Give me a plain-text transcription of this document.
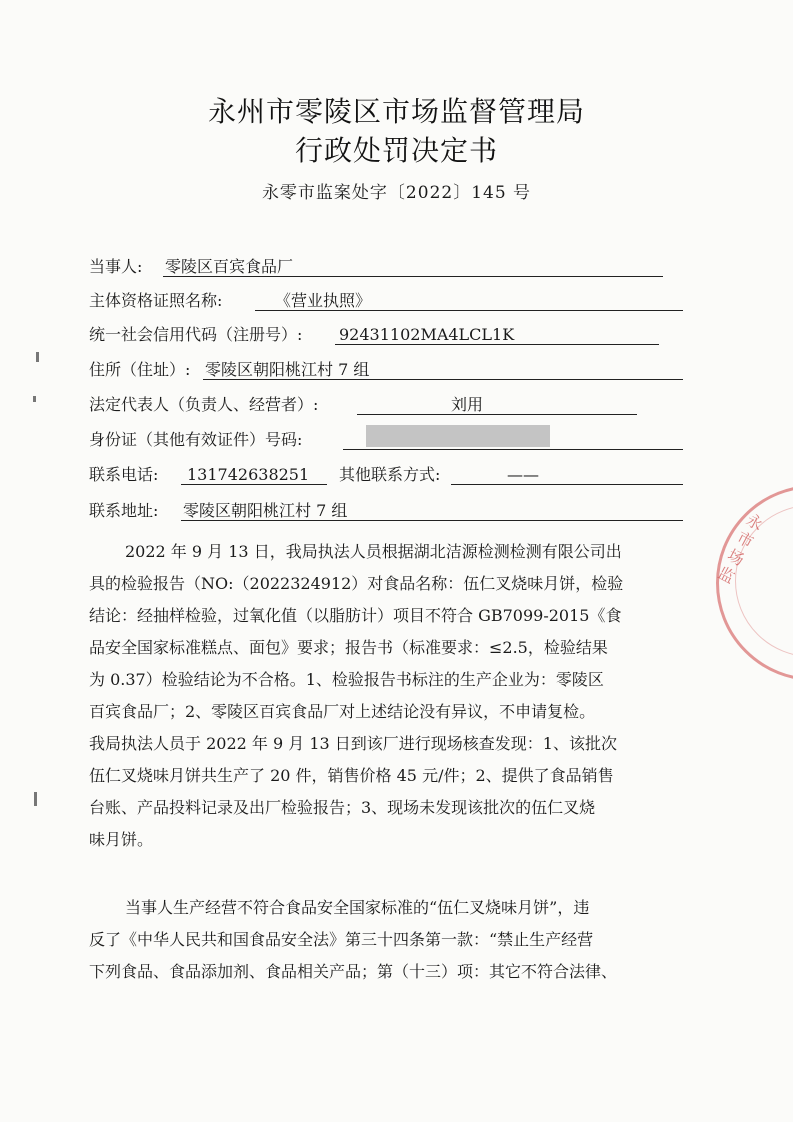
永州市零陵区市场监督管理局
行政处罚决定书
永零市监案处字〔2022〕145 号
当事人: 零陵区百宾食品厂
主体资格证照名称:	《营业执照》
统一社会信用代码（注册号）: 92431102MA4LCL1K
住所（住址）: 零陵区朝阳桃江村 7 组
法定代表人（负责人、经营者）:	刘用
身份证（其他有效证件）号码:
联系电话: 131742638251 其他联系方式:	——
联系地址: 零陵区朝阳桃江村 7 组
2022 年 9 月 13 日，我局执法人员根据湖北洁源检测检测有限公司出
具的检验报告（NO:（2022324912）对食品名称：伍仁叉烧味月饼，检验
结论：经抽样检验，过氧化值（以脂肪计）项目不符合 GB7099-2015《食
品安全国家标准糕点、面包》要求；报告书（标准要求：≤2.5，检验结果
为 0.37）检验结论为不合格。1、检验报告书标注的生产企业为：零陵区
百宾食品厂；2、零陵区百宾食品厂对上述结论没有异议，不申请复检。
我局执法人员于 2022 年 9 月 13 日到该厂进行现场核查发现：1、该批次
伍仁叉烧味月饼共生产了 20 件，销售价格 45 元/件；2、提供了食品销售
台账、产品投料记录及出厂检验报告；3、现场未发现该批次的伍仁叉烧
味月饼。
当事人生产经营不符合食品安全国家标准的“伍仁叉烧味月饼”，违
反了《中华人民共和国食品安全法》第三十四条第一款：“禁止生产经营
下列食品、食品添加剂、食品相关产品；第（十三）项：其它不符合法律、
永市场监
